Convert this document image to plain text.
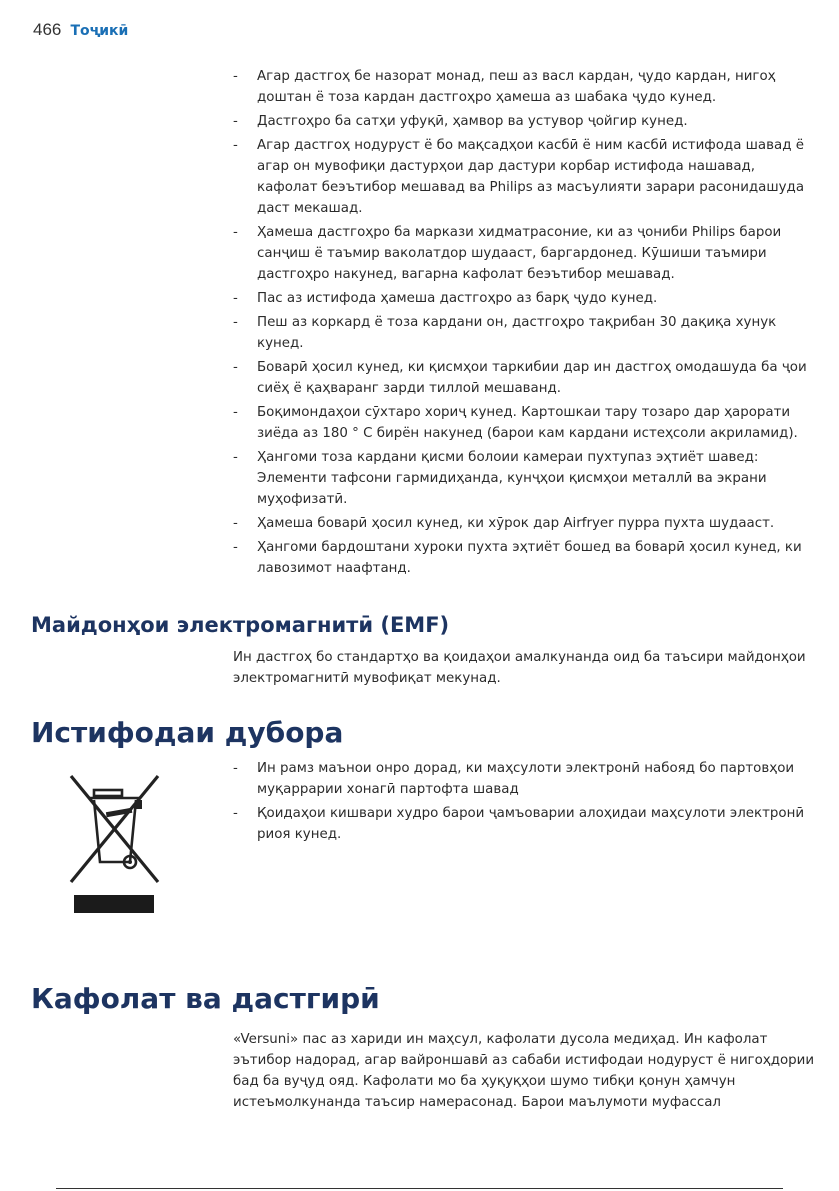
466 Тоҷикӣ
- Агар дастгоҳ бе назорат монад, пеш аз васл кардан, ҷудо кардан, нигоҳ доштан ё тоза кардан дастгоҳро ҳамеша аз шабака ҷудо кунед.
- Дастгоҳро ба сатҳи уфуқӣ, ҳамвор ва устувор ҷойгир кунед.
- Агар дастгоҳ нодуруст ё бо мақсадҳои касбӣ ё ним касбӣ истифода шавад ё агар он мувофиқи дастурҳои дар дастури корбар истифода нашавад, кафолат беэътибор мешавад ва Philips аз масъулияти зарари расонидашуда даст мекашад.
- Ҳамеша дастгоҳро ба маркази хидматрасоние, ки аз ҷониби Philips барои санҷиш ё таъмир ваколатдор шудааст, баргардонед. Кӯшиши таъмири дастгоҳро накунед, вагарна кафолат беэътибор мешавад.
- Пас аз истифода ҳамеша дастгоҳро аз барқ ҷудо кунед.
- Пеш аз коркард ё тоза кардани он, дастгоҳро тақрибан 30 дақиқа хунук кунед.
- Боварӣ ҳосил кунед, ки қисмҳои таркибии дар ин дастгоҳ омодашуда ба ҷои сиёҳ ё қаҳваранг зарди тиллоӣ мешаванд.
- Боқимондаҳои сӯхтаро хориҷ кунед. Картошкаи тару тозаро дар ҳарорати зиёда аз 180 ° C бирён накунед (барои кам кардани истеҳсоли акриламид).
- Ҳангоми тоза кардани қисми болоии камераи пухтупаз эҳтиёт шавед: Элементи тафсони гармидиҳанда, кунҷҳои қисмҳои металлӣ ва экрани муҳофизатӣ.
- Ҳамеша боварӣ ҳосил кунед, ки хӯрок дар Airfryer пурра пухта шудааст.
- Ҳангоми бардоштани хуроки пухта эҳтиёт бошед ва боварӣ ҳосил кунед, ки лавозимот наафтанд.
Майдонҳои электромагнитӣ (EMF)

Ин дастгоҳ бо стандартҳо ва қоидаҳои амалкунанда оид ба таъсири майдонҳои электромагнитӣ мувофиқат мекунад.

Истифодаи дубора
- Ин рамз маънои онро дорад, ки маҳсулоти электронӣ набояд бо партовҳои муқаррарии хонагӣ партофта шавад
- Қоидаҳои кишвари худро барои ҷамъоварии алоҳидаи маҳсулоти электронӣ риоя кунед.
Кафолат ва дастгирӣ

«Versuni» пас аз хариди ин маҳсул, кафолати дусола медиҳад. Ин кафолат эътибор надорад, агар вайроншавӣ аз сабаби истифодаи нодуруст ё нигоҳдории бад ба вуҷуд ояд. Кафолати мо ба ҳуқуқҳои шумо тибқи қонун ҳамчун истеъмолкунанда таъсир намерасонад. Барои маълумоти муфассал
